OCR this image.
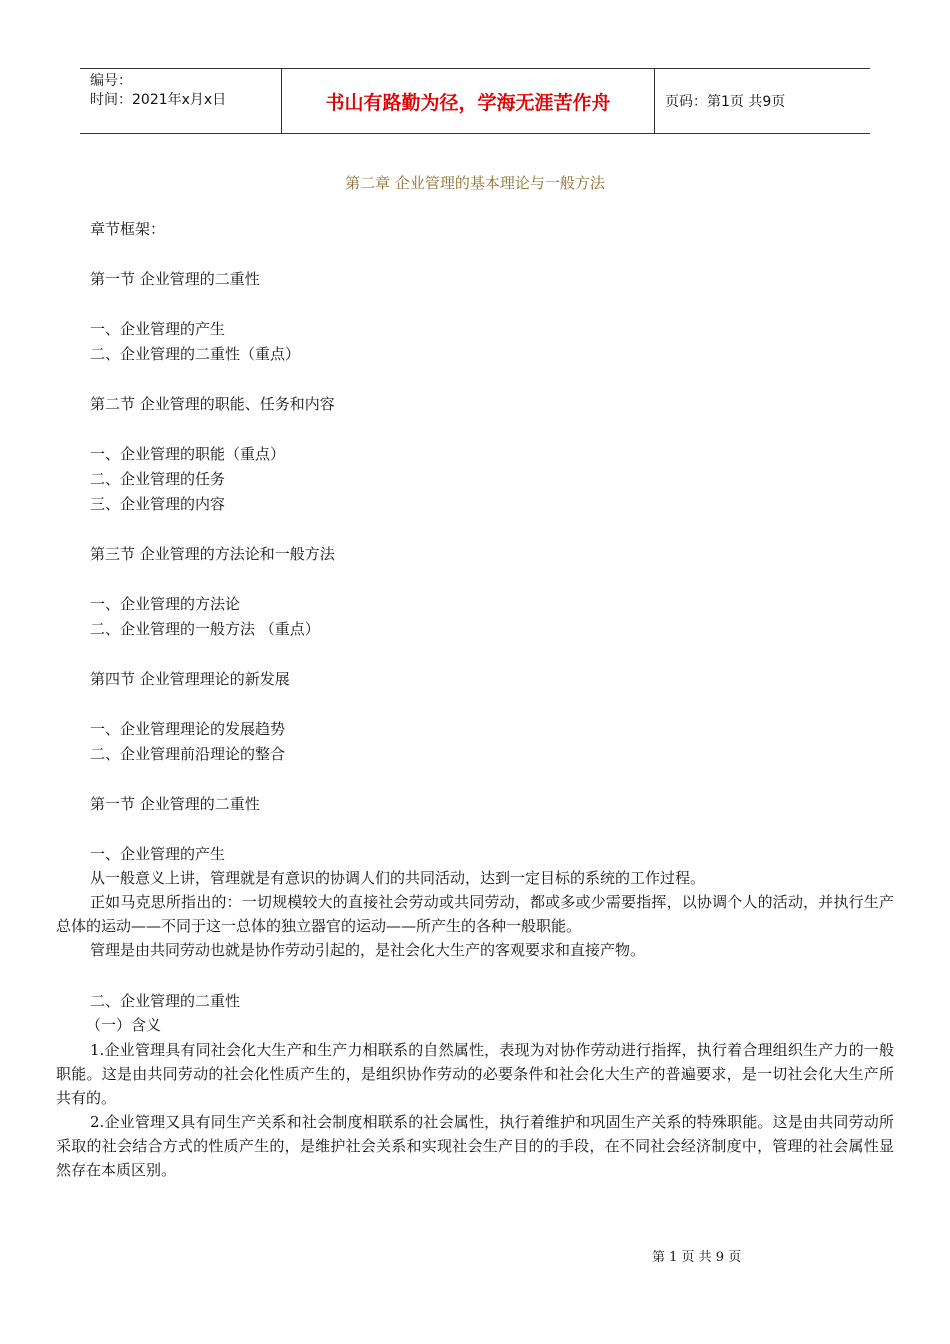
编号：
时间：2021年x月x日	书山有路勤为径，学海无涯苦作舟	页码：第1页 共9页
第二章 企业管理的基本理论与一般方法
章节框架：
第一节 企业管理的二重性
一、企业管理的产生
二、企业管理的二重性（重点）
第二节 企业管理的职能、任务和内容
一、企业管理的职能（重点）
二、企业管理的任务
三、企业管理的内容
第三节 企业管理的方法论和一般方法
一、企业管理的方法论
二、企业管理的一般方法 （重点）
第四节 企业管理理论的新发展
一、企业管理理论的发展趋势
二、企业管理前沿理论的整合
第一节 企业管理的二重性
一、企业管理的产生
从一般意义上讲，管理就是有意识的协调人们的共同活动，达到一定目标的系统的工作过程。
正如马克思所指出的：一切规模较大的直接社会劳动或共同劳动，都或多或少需要指挥，以协调个人的活动，并执行生产总体的运动——不同于这一总体的独立器官的运动——所产生的各种一般职能。
管理是由共同劳动也就是协作劳动引起的，是社会化大生产的客观要求和直接产物。
二、企业管理的二重性
（一）含义
1.企业管理具有同社会化大生产和生产力相联系的自然属性，表现为对协作劳动进行指挥，执行着合理组织生产力的一般职能。这是由共同劳动的社会化性质产生的，是组织协作劳动的必要条件和社会化大生产的普遍要求，是一切社会化大生产所共有的。
2.企业管理又具有同生产关系和社会制度相联系的社会属性，执行着维护和巩固生产关系的特殊职能。这是由共同劳动所采取的社会结合方式的性质产生的，是维护社会关系和实现社会生产目的的手段，在不同社会经济制度中，管理的社会属性显然存在本质区别。
第 1 页 共 9 页
